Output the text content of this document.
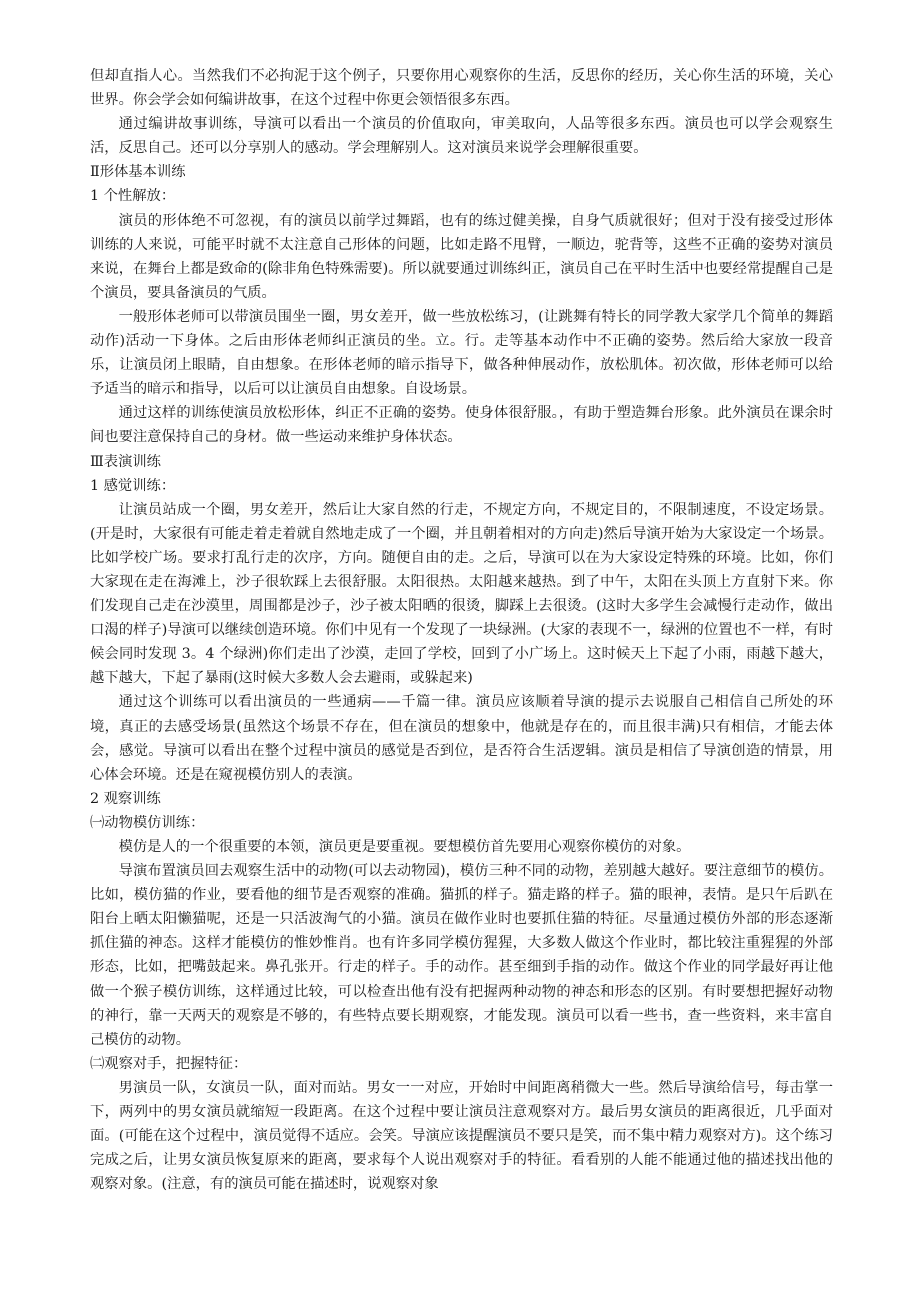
但却直指人心。当然我们不必拘泥于这个例子，只要你用心观察你的生活，反思你的经历，关心你生活的环境，关心世界。你会学会如何编讲故事，在这个过程中你更会领悟很多东西。

通过编讲故事训练，导演可以看出一个演员的价值取向，审美取向，人品等很多东西。演员也可以学会观察生活，反思自己。还可以分享别人的感动。学会理解别人。这对演员来说学会理解很重要。

Ⅱ形体基本训练

1 个性解放：

演员的形体绝不可忽视，有的演员以前学过舞蹈，也有的练过健美操，自身气质就很好；但对于没有接受过形体训练的人来说，可能平时就不太注意自己形体的问题，比如走路不甩臂，一顺边，驼背等，这些不正确的姿势对演员来说，在舞台上都是致命的(除非角色特殊需要)。所以就要通过训练纠正，演员自己在平时生活中也要经常提醒自己是个演员，要具备演员的气质。

一般形体老师可以带演员围坐一圈，男女差开，做一些放松练习，(让跳舞有特长的同学教大家学几个简单的舞蹈动作)活动一下身体。之后由形体老师纠正演员的坐。立。行。走等基本动作中不正确的姿势。然后给大家放一段音乐，让演员闭上眼睛，自由想象。在形体老师的暗示指导下，做各种伸展动作，放松肌体。初次做，形体老师可以给予适当的暗示和指导，以后可以让演员自由想象。自设场景。

通过这样的训练使演员放松形体，纠正不正确的姿势。使身体很舒服。，有助于塑造舞台形象。此外演员在课余时间也要注意保持自己的身材。做一些运动来维护身体状态。

Ⅲ表演训练

1 感觉训练：

让演员站成一个圈，男女差开，然后让大家自然的行走，不规定方向，不规定目的，不限制速度，不设定场景。(开是时，大家很有可能走着走着就自然地走成了一个圈，并且朝着相对的方向走)然后导演开始为大家设定一个场景。比如学校广场。要求打乱行走的次序，方向。随便自由的走。之后，导演可以在为大家设定特殊的环境。比如，你们大家现在走在海滩上，沙子很软踩上去很舒服。太阳很热。太阳越来越热。到了中午，太阳在头顶上方直射下来。你们发现自己走在沙漠里，周围都是沙子，沙子被太阳晒的很烫，脚踩上去很烫。(这时大多学生会减慢行走动作，做出口渴的样子)导演可以继续创造环境。你们中见有一个发现了一块绿洲。(大家的表现不一，绿洲的位置也不一样，有时候会同时发现 3。4 个绿洲)你们走出了沙漠，走回了学校，回到了小广场上。这时候天上下起了小雨，雨越下越大，越下越大，下起了暴雨(这时候大多数人会去避雨，或躲起来)

通过这个训练可以看出演员的一些通病——千篇一律。演员应该顺着导演的提示去说服自己相信自己所处的环境，真正的去感受场景(虽然这个场景不存在，但在演员的想象中，他就是存在的，而且很丰满)只有相信，才能去体会，感觉。导演可以看出在整个过程中演员的感觉是否到位，是否符合生活逻辑。演员是相信了导演创造的情景，用心体会环境。还是在窥视模仿别人的表演。

2 观察训练

㈠动物模仿训练：

模仿是人的一个很重要的本领，演员更是要重视。要想模仿首先要用心观察你模仿的对象。

导演布置演员回去观察生活中的动物(可以去动物园)，模仿三种不同的动物，差别越大越好。要注意细节的模仿。比如，模仿猫的作业，要看他的细节是否观察的准确。猫抓的样子。猫走路的样子。猫的眼神，表情。是只午后趴在阳台上晒太阳懒猫呢，还是一只活波淘气的小猫。演员在做作业时也要抓住猫的特征。尽量通过模仿外部的形态逐渐抓住猫的神态。这样才能模仿的惟妙惟肖。也有许多同学模仿猩猩，大多数人做这个作业时，都比较注重猩猩的外部形态，比如，把嘴鼓起来。鼻孔张开。行走的样子。手的动作。甚至细到手指的动作。做这个作业的同学最好再让他做一个猴子模仿训练，这样通过比较，可以检查出他有没有把握两种动物的神态和形态的区别。有时要想把握好动物的神行，靠一天两天的观察是不够的，有些特点要长期观察，才能发现。演员可以看一些书，查一些资料，来丰富自己模仿的动物。

㈡观察对手，把握特征：

男演员一队，女演员一队，面对而站。男女一一对应，开始时中间距离稍微大一些。然后导演给信号，每击掌一下，两列中的男女演员就缩短一段距离。在这个过程中要让演员注意观察对方。最后男女演员的距离很近，几乎面对面。(可能在这个过程中，演员觉得不适应。会笑。导演应该提醒演员不要只是笑，而不集中精力观察对方)。这个练习完成之后，让男女演员恢复原来的距离，要求每个人说出观察对手的特征。看看别的人能不能通过他的描述找出他的观察对象。(注意，有的演员可能在描述时，说观察对象
